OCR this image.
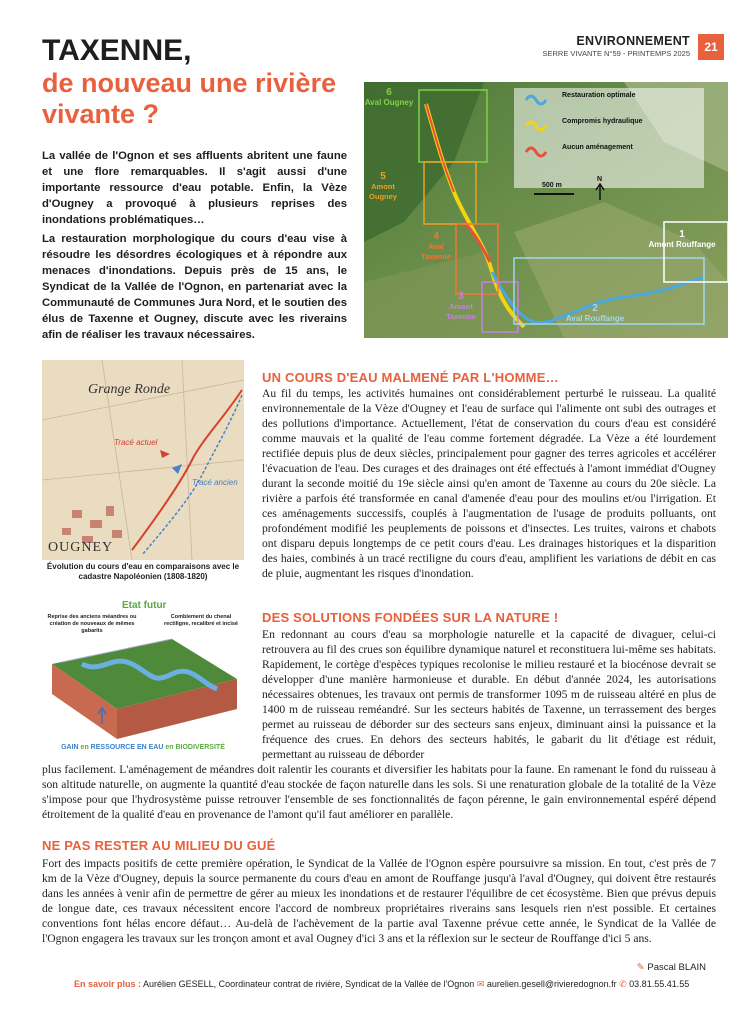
TAXENNE,
de nouveau une rivière vivante ?
ENVIRONNEMENT
SERRE VIVANTE N°59 - PRINTEMPS 2025	21

La vallée de l'Ognon et ses affluents abritent une faune et une flore remarquables. Il s'agit aussi d'une importante ressource d'eau potable. Enfin, la Vèze d'Ougney a provoqué à plusieurs reprises des inondations problématiques…

La restauration morphologique du cours d'eau vise à résoudre les désordres écologiques et à répondre aux menaces d'inondations. Depuis près de 15 ans, le Syndicat de la Vallée de l'Ognon, en partenariat avec la Communauté de Communes Jura Nord, et le soutien des élus de Taxenne et Ougney, discute avec les riverains afin de réaliser les travaux nécessaires.

Restauration optimale
Compromis hydraulique
Aucun aménagement
500 m
N
6
Aval Ougney
5
Amont Ougney
4
Aval Taxenne
3
Amont Taxenne
2
Aval Rouffange
1
Amont Rouffange
Grange Ronde
Tracé actuel
Tracé ancien
OUGNEY
Évolution du cours d'eau en comparaisons avec le cadastre Napoléonien (1808-1820)
Etat futur
Reprise des anciens méandres ou création de nouveaux de mêmes gabarits
Comblement du chenal rectiligne, recalibré et incisé
GAIN en RESSOURCE EN EAU en BIODIVERSITÉ
UN COURS D'EAU MALMENÉ PAR L'HOMME…

Au fil du temps, les activités humaines ont considérablement perturbé le ruisseau. La qualité environnementale de la Vèze d'Ougney et l'eau de surface qui l'alimente ont subi des outrages et des pollutions d'importance. Actuellement, l'état de conservation du cours d'eau est considéré comme mauvais et la qualité de l'eau comme fortement dégradée. La Vèze a été lourdement rectifiée depuis plus de deux siècles, principalement pour gagner des terres agricoles et accélérer l'évacuation de l'eau. Des curages et des drainages ont été effectués à l'amont immédiat d'Ougney durant la seconde moitié du 19e siècle ainsi qu'en amont de Taxenne au cours du 20e siècle. La rivière a parfois été transformée en canal d'amenée d'eau pour des moulins et/ou l'irrigation. Et ces aménagements successifs, couplés à l'augmentation de l'usage de produits polluants, ont profondément modifié les peuplements de poissons et d'insectes. Les truites, vairons et chabots ont disparu depuis longtemps de ce petit cours d'eau. Les drainages historiques et la disparition des haies, combinés à un tracé rectiligne du cours d'eau, amplifient les variations de débit en cas de pluie, augmentant les risques d'inondation.

DES SOLUTIONS FONDÉES SUR LA NATURE !

En redonnant au cours d'eau sa morphologie naturelle et la capacité de divaguer, celui-ci retrouvera au fil des crues son équilibre dynamique naturel et reconstituera lui-même ses habitats. Rapidement, le cortège d'espèces typiques recolonise le milieu restauré et la biocénose devrait se développer d'une manière harmonieuse et durable. En début d'année 2024, les autorisations nécessaires obtenues, les travaux ont permis de transformer 1095 m de ruisseau altéré en plus de 1400 m de ruisseau reméandré. Sur les secteurs habités de Taxenne, un terrassement des berges permet au ruisseau de déborder sur des secteurs sans enjeux, diminuant ainsi la puissance et la fréquence des crues. En dehors des secteurs habités, le gabarit du lit d'étiage est réduit, permettant au ruisseau de déborder

plus facilement. L'aménagement de méandres doit ralentir les courants et diversifier les habitats pour la faune. En ramenant le fond du ruisseau à son altitude naturelle, on augmente la quantité d'eau stockée de façon naturelle dans les sols. Si une renaturation globale de la totalité de la Vèze s'impose pour que l'hydrosystème puisse retrouver l'ensemble de ses fonctionnalités de façon pérenne, le gain environnemental espéré dépend étroitement de la qualité d'eau en provenance de l'amont qu'il faut améliorer en parallèle.

NE PAS RESTER AU MILIEU DU GUÉ

Fort des impacts positifs de cette première opération, le Syndicat de la Vallée de l'Ognon espère poursuivre sa mission. En tout, c'est près de 7 km de la Vèze d'Ougney, depuis la source permanente du cours d'eau en amont de Rouffange jusqu'à l'aval d'Ougney, qui doivent être restaurés dans les années à venir afin de permettre de gérer au mieux les inondations et de restaurer l'équilibre de cet écosystème. Bien que prévus depuis de longue date, ces travaux nécessitent encore l'accord de nombreux propriétaires riverains sans lesquels rien n'est possible. Et certaines conventions font hélas encore défaut… Au-delà de l'achèvement de la partie aval Taxenne prévue cette année, le Syndicat de la Vallée de l'Ognon engagera les travaux sur les tronçon amont et aval Ougney d'ici 3 ans et la réflexion sur le secteur de Rouffange d'ici 5 ans.

✎ Pascal BLAIN
En savoir plus : Aurélien GESELL, Coordinateur contrat de rivière, Syndicat de la Vallée de l'Ognon ✉ aurelien.gesell@rivieredognon.fr ✆ 03.81.55.41.55
